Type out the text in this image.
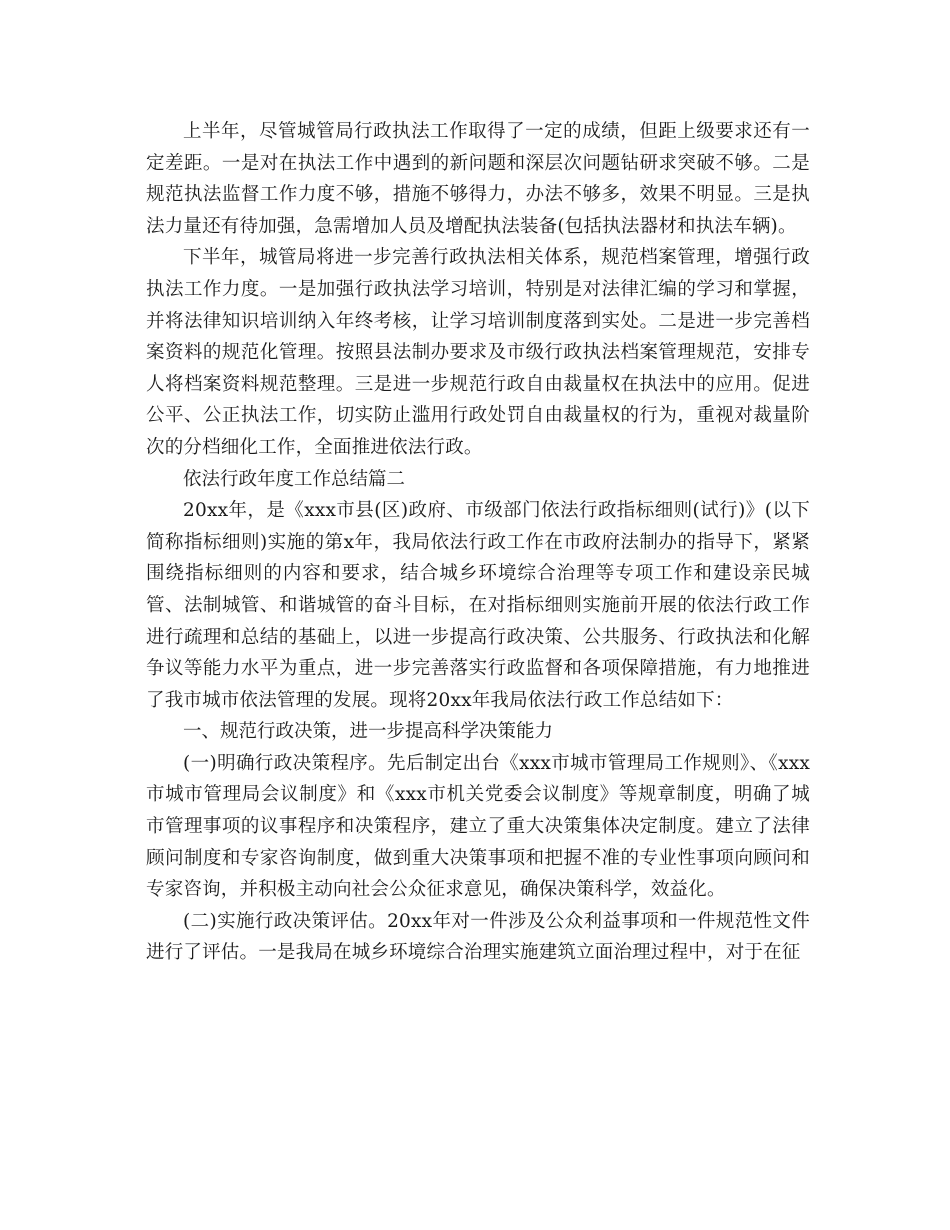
上半年，尽管城管局行政执法工作取得了一定的成绩，但距上级要求还有一定差距。一是对在执法工作中遇到的新问题和深层次问题钻研求突破不够。二是规范执法监督工作力度不够，措施不够得力，办法不够多，效果不明显。三是执法力量还有待加强，急需增加人员及增配执法装备(包括执法器材和执法车辆)。

下半年，城管局将进一步完善行政执法相关体系，规范档案管理，增强行政执法工作力度。一是加强行政执法学习培训，特别是对法律汇编的学习和掌握，并将法律知识培训纳入年终考核，让学习培训制度落到实处。二是进一步完善档案资料的规范化管理。按照县法制办要求及市级行政执法档案管理规范，安排专人将档案资料规范整理。三是进一步规范行政自由裁量权在执法中的应用。促进公平、公正执法工作，切实防止滥用行政处罚自由裁量权的行为，重视对裁量阶次的分档细化工作，全面推进依法行政。

依法行政年度工作总结篇二

20xx年，是《xxx市县(区)政府、市级部门依法行政指标细则(试行)》(以下简称指标细则)实施的第x年，我局依法行政工作在市政府法制办的指导下，紧紧围绕指标细则的内容和要求，结合城乡环境综合治理等专项工作和建设亲民城管、法制城管、和谐城管的奋斗目标，在对指标细则实施前开展的依法行政工作进行疏理和总结的基础上，以进一步提高行政决策、公共服务、行政执法和化解争议等能力水平为重点，进一步完善落实行政监督和各项保障措施，有力地推进了我市城市依法管理的发展。现将20xx年我局依法行政工作总结如下：

一、规范行政决策，进一步提高科学决策能力

(一)明确行政决策程序。先后制定出台《xxx市城市管理局工作规则》、《xxx市城市管理局会议制度》和《xxx市机关党委会议制度》等规章制度，明确了城市管理事项的议事程序和决策程序，建立了重大决策集体决定制度。建立了法律顾问制度和专家咨询制度，做到重大决策事项和把握不准的专业性事项向顾问和专家咨询，并积极主动向社会公众征求意见，确保决策科学，效益化。

(二)实施行政决策评估。20xx年对一件涉及公众利益事项和一件规范性文件进行了评估。一是我局在城乡环境综合治理实施建筑立面治理过程中，对于在征
